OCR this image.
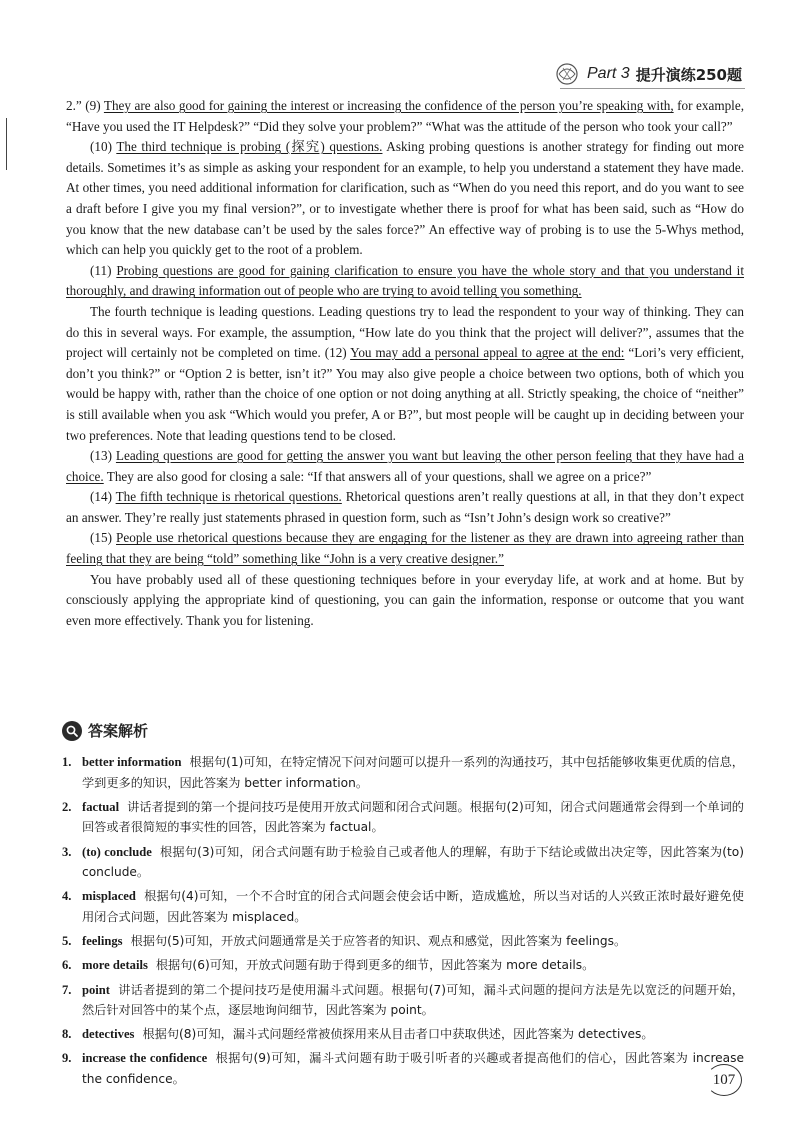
Part 3 提升演练250题

2.” (9) They are also good for gaining the interest or increasing the confidence of the person you’re speaking with, for example, “Have you used the IT Helpdesk?” “Did they solve your problem?” “What was the attitude of the person who took your call?”

(10) The third technique is probing (探究) questions. Asking probing questions is another strategy for finding out more details. Sometimes it’s as simple as asking your respondent for an example, to help you understand a statement they have made. At other times, you need additional information for clarification, such as “When do you need this report, and do you want to see a draft before I give you my final version?”, or to investigate whether there is proof for what has been said, such as “How do you know that the new database can’t be used by the sales force?” An effective way of probing is to use the 5-Whys method, which can help you quickly get to the root of a problem.

(11) Probing questions are good for gaining clarification to ensure you have the whole story and that you understand it thoroughly, and drawing information out of people who are trying to avoid telling you something.

The fourth technique is leading questions. Leading questions try to lead the respondent to your way of thinking. They can do this in several ways. For example, the assumption, “How late do you think that the project will deliver?”, assumes that the project will certainly not be completed on time. (12) You may add a personal appeal to agree at the end: “Lori’s very efficient, don’t you think?” or “Option 2 is better, isn’t it?” You may also give people a choice between two options, both of which you would be happy with, rather than the choice of one option or not doing anything at all. Strictly speaking, the choice of “neither” is still available when you ask “Which would you prefer, A or B?”, but most people will be caught up in deciding between your two preferences. Note that leading questions tend to be closed.

(13) Leading questions are good for getting the answer you want but leaving the other person feeling that they have had a choice. They are also good for closing a sale: “If that answers all of your questions, shall we agree on a price?”

(14) The fifth technique is rhetorical questions. Rhetorical questions aren’t really questions at all, in that they don’t expect an answer. They’re really just statements phrased in question form, such as “Isn’t John’s design work so creative?”

(15) People use rhetorical questions because they are engaging for the listener as they are drawn into agreeing rather than feeling that they are being “told” something like “John is a very creative designer.”

You have probably used all of these questioning techniques before in your everyday life, at work and at home. But by consciously applying the appropriate kind of questioning, you can gain the information, response or outcome that you want even more effectively. Thank you for listening.

答案解析
1. better information 根据句(1)可知，在特定情况下问对问题可以提升一系列的沟通技巧，其中包括能够收集更优质的信息，学到更多的知识，因此答案为 better information。
2. factual 讲话者提到的第一个提问技巧是使用开放式问题和闭合式问题。根据句(2)可知，闭合式问题通常会得到一个单词的回答或者很简短的事实性的回答，因此答案为 factual。
3. (to) conclude 根据句(3)可知，闭合式问题有助于检验自己或者他人的理解，有助于下结论或做出决定等，因此答案为(to) conclude。
4. misplaced 根据句(4)可知，一个不合时宜的闭合式问题会使会话中断，造成尴尬，所以当对话的人兴致正浓时最好避免使用闭合式问题，因此答案为 misplaced。
5. feelings 根据句(5)可知，开放式问题通常是关于应答者的知识、观点和感觉，因此答案为 feelings。
6. more details 根据句(6)可知，开放式问题有助于得到更多的细节，因此答案为 more details。
7. point 讲话者提到的第二个提问技巧是使用漏斗式问题。根据句(7)可知，漏斗式问题的提问方法是先以宽泛的问题开始，然后针对回答中的某个点，逐层地询问细节，因此答案为 point。
8. detectives 根据句(8)可知，漏斗式问题经常被侦探用来从目击者口中获取供述，因此答案为 detectives。
9. increase the confidence 根据句(9)可知，漏斗式问题有助于吸引听者的兴趣或者提高他们的信心，因此答案为 increase the confidence。	107
